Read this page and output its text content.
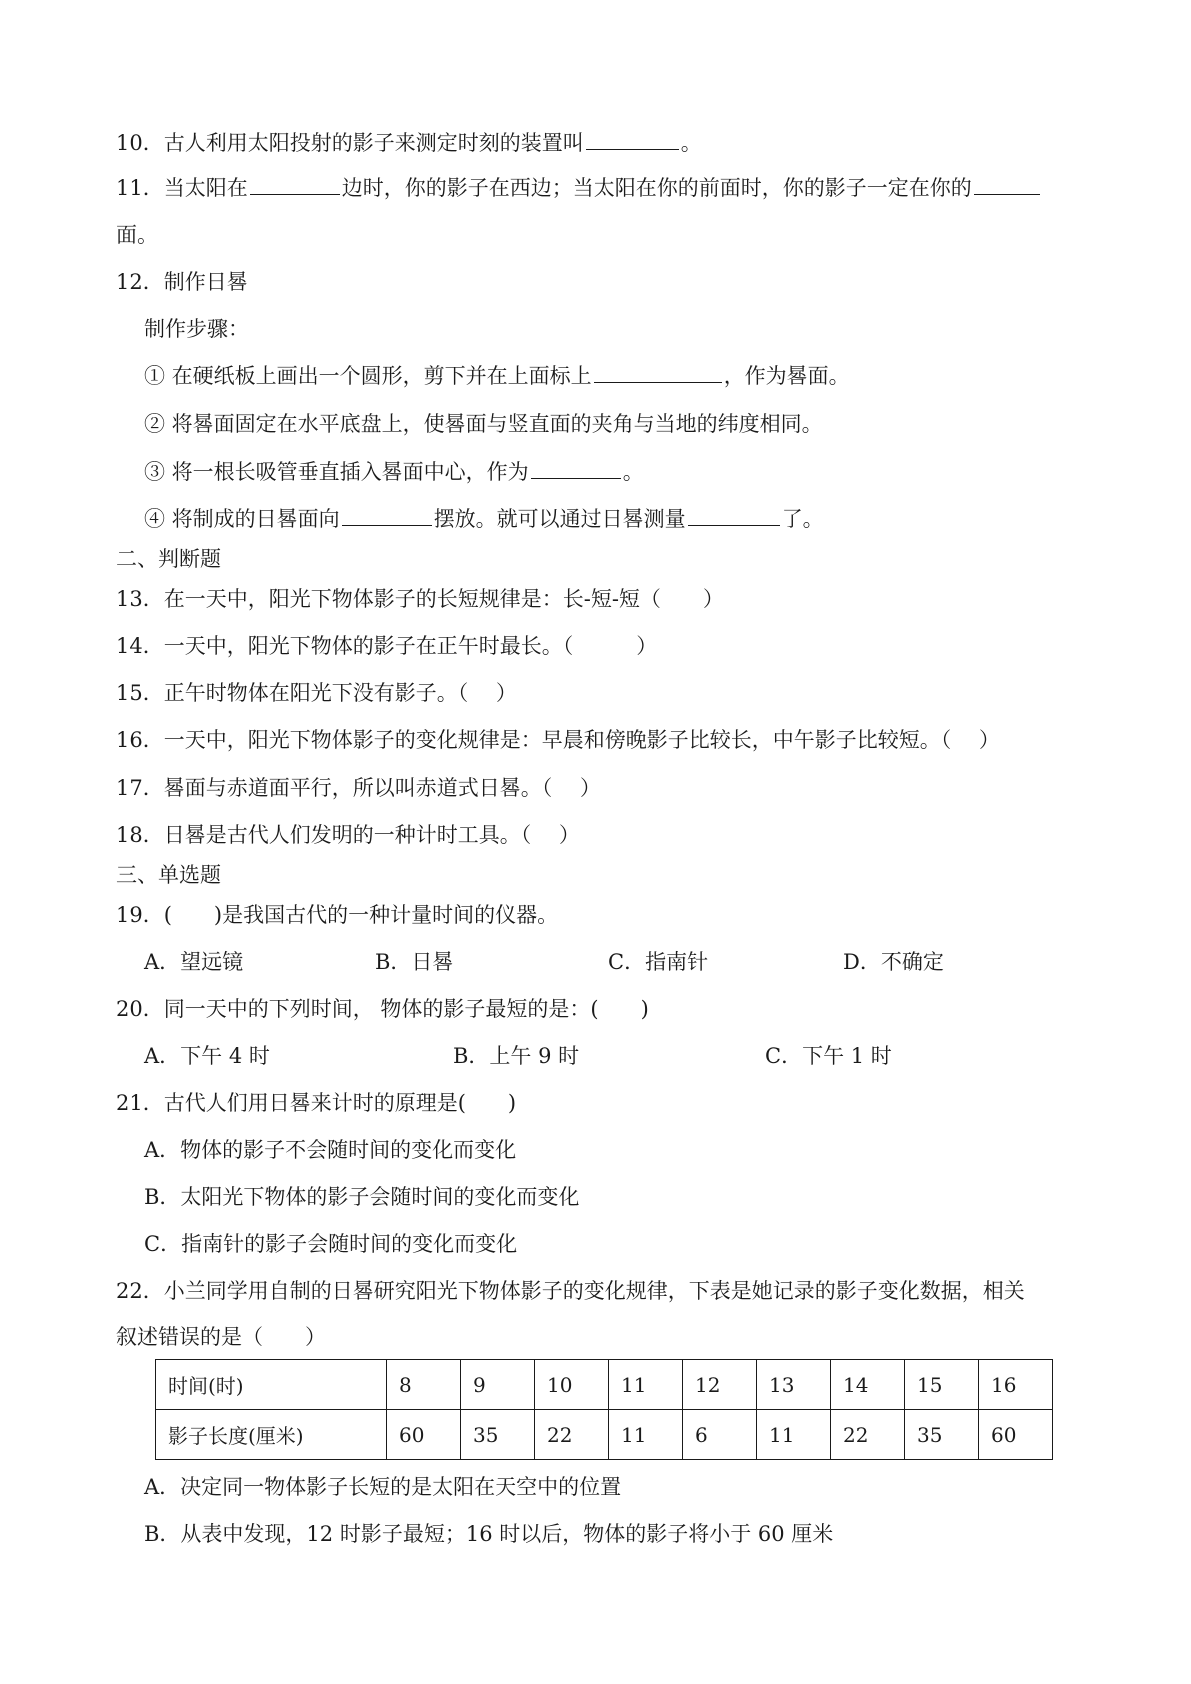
10．古人利用太阳投射的影子来测定时刻的装置叫	。
11．当太阳在	边时，你的影子在西边；当太阳在你的前面时，你的影子一定在你的
面。
12．制作日晷
制作步骤：
① 在硬纸板上画出一个圆形，剪下并在上面标上	，作为晷面。
② 将晷面固定在水平底盘上，使晷面与竖直面的夹角与当地的纬度相同。
③ 将一根长吸管垂直插入晷面中心，作为	。
④ 将制成的日晷面向	摆放。就可以通过日晷测量	了。
二、判断题
13．在一天中，阳光下物体影子的长短规律是：长-短-短（　　）
14．一天中，阳光下物体的影子在正午时最长。（　　　）
15．正午时物体在阳光下没有影子。（　 ）
16．一天中，阳光下物体影子的变化规律是：早晨和傍晚影子比较长，中午影子比较短。（　 ）
17．晷面与赤道面平行，所以叫赤道式日晷。（　 ）
18．日晷是古代人们发明的一种计时工具。（　 ）
三、单选题
19．(　　)是我国古代的一种计量时间的仪器。
A．望远镜	B．日晷	C．指南针	D．不确定
20．同一天中的下列时间， 物体的影子最短的是：(　　)
A．下午 4 时	B．上午 9 时	C．下午 1 时
21．古代人们用日晷来计时的原理是(　　)
A．物体的影子不会随时间的变化而变化
B．太阳光下物体的影子会随时间的变化而变化
C．指南针的影子会随时间的变化而变化
22．小兰同学用自制的日晷研究阳光下物体影子的变化规律，下表是她记录的影子变化数据，相关
叙述错误的是（　　）
时间(时)	8	9	10	11	12	13	14	15	16
影子长度(厘米)	60	35	22	11	6	11	22	35	60
A．决定同一物体影子长短的是太阳在天空中的位置
B．从表中发现，12 时影子最短；16 时以后，物体的影子将小于 60 厘米
